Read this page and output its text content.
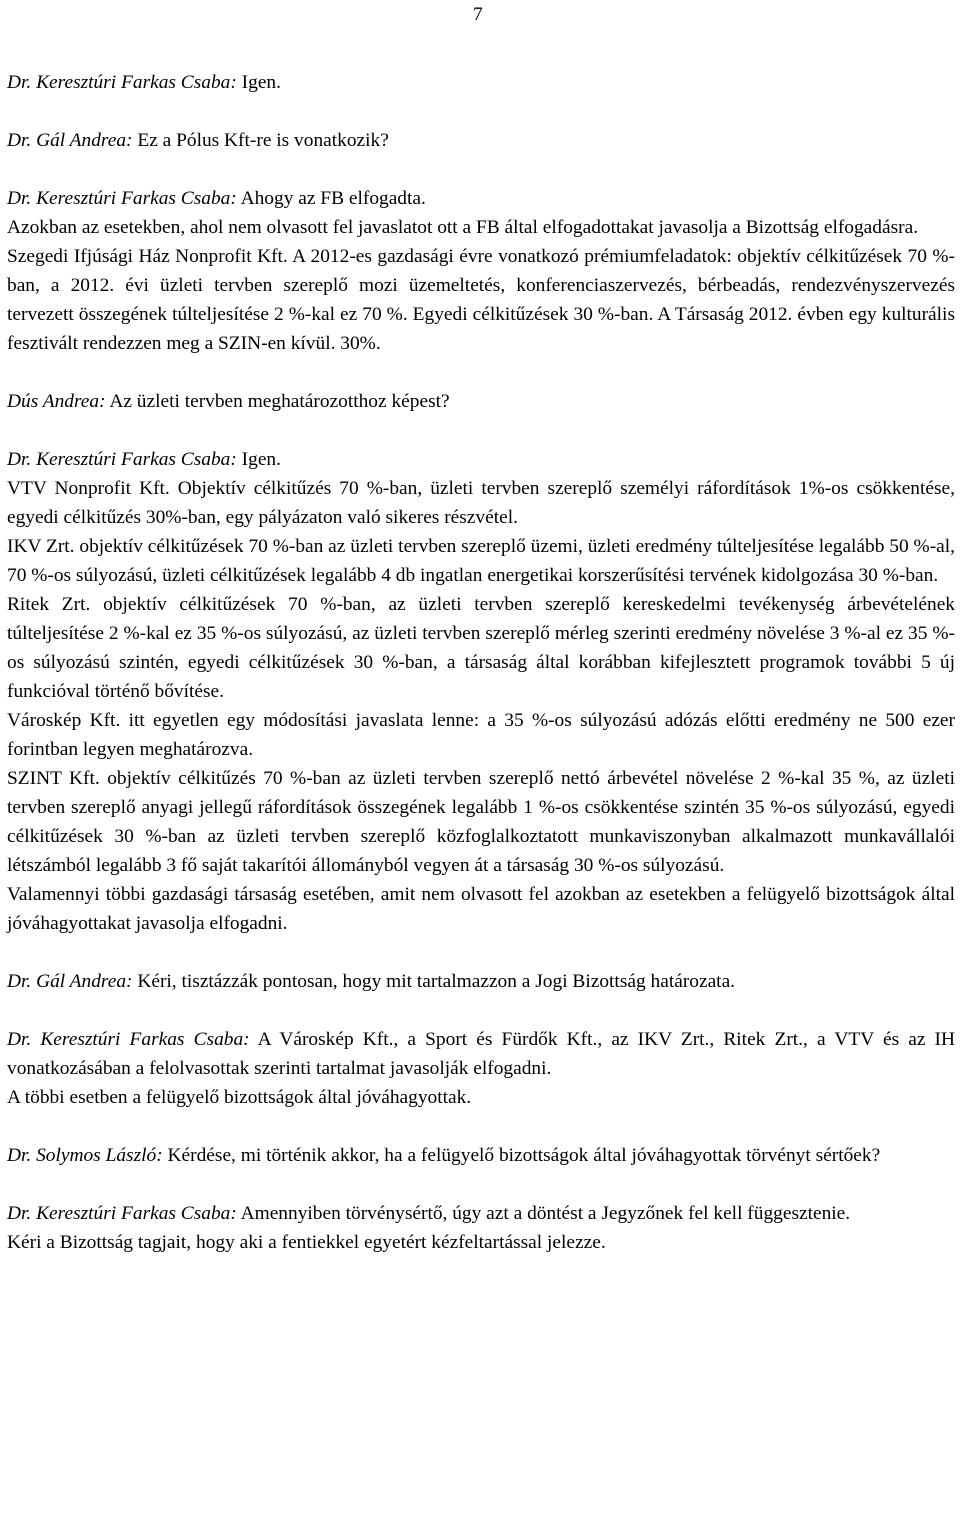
7

Dr. Keresztúri Farkas Csaba: Igen.

Dr. Gál Andrea: Ez a Pólus Kft-re is vonatkozik?

Dr. Keresztúri Farkas Csaba: Ahogy az FB elfogadta.

Azokban az esetekben, ahol nem olvasott fel javaslatot ott a FB által elfogadottakat javasolja a Bizottság elfogadásra.

Szegedi Ifjúsági Ház Nonprofit Kft. A 2012-es gazdasági évre vonatkozó prémiumfeladatok: objektív célkitűzések 70 %-ban, a 2012. évi üzleti tervben szereplő mozi üzemeltetés, konferenciaszervezés, bérbeadás, rendezvényszervezés tervezett összegének túlteljesítése 2 %-kal ez 70 %. Egyedi célkitűzések 30 %-ban. A Társaság 2012. évben egy kulturális fesztivált rendezzen meg a SZIN-en kívül. 30%.

Dús Andrea: Az üzleti tervben meghatározotthoz képest?

Dr. Keresztúri Farkas Csaba: Igen.

VTV Nonprofit Kft. Objektív célkitűzés 70 %-ban, üzleti tervben szereplő személyi ráfordítások 1%-os csökkentése, egyedi célkitűzés 30%-ban, egy pályázaton való sikeres részvétel.

IKV Zrt. objektív célkitűzések 70 %-ban az üzleti tervben szereplő üzemi, üzleti eredmény túlteljesítése legalább 50 %-al, 70 %-os súlyozású, üzleti célkitűzések legalább 4 db ingatlan energetikai korszerűsítési tervének kidolgozása 30 %-ban.

Ritek Zrt. objektív célkitűzések 70 %-ban, az üzleti tervben szereplő kereskedelmi tevékenység árbevételének túlteljesítése 2 %-kal ez 35 %-os súlyozású, az üzleti tervben szereplő mérleg szerinti eredmény növelése 3 %-al ez 35 %-os súlyozású szintén, egyedi célkitűzések 30 %-ban, a társaság által korábban kifejlesztett programok további 5 új funkcióval történő bővítése.

Városkép Kft. itt egyetlen egy módosítási javaslata lenne: a 35 %-os súlyozású adózás előtti eredmény ne 500 ezer forintban legyen meghatározva.

SZINT Kft. objektív célkitűzés 70 %-ban az üzleti tervben szereplő nettó árbevétel növelése 2 %-kal 35 %, az üzleti tervben szereplő anyagi jellegű ráfordítások összegének legalább 1 %-os csökkentése szintén 35 %-os súlyozású, egyedi célkitűzések 30 %-ban az üzleti tervben szereplő közfoglalkoztatott munkaviszonyban alkalmazott munkavállalói létszámból legalább 3 fő saját takarítói állományból vegyen át a társaság 30 %-os súlyozású.

Valamennyi többi gazdasági társaság esetében, amit nem olvasott fel azokban az esetekben a felügyelő bizottságok által jóváhagyottakat javasolja elfogadni.

Dr. Gál Andrea: Kéri, tisztázzák pontosan, hogy mit tartalmazzon a Jogi Bizottság határozata.

Dr. Keresztúri Farkas Csaba: A Városkép Kft., a Sport és Fürdők Kft., az IKV Zrt., Ritek Zrt., a VTV és az IH vonatkozásában a felolvasottak szerinti tartalmat javasolják elfogadni.

A többi esetben a felügyelő bizottságok által jóváhagyottak.

Dr. Solymos László: Kérdése, mi történik akkor, ha a felügyelő bizottságok által jóváhagyottak törvényt sértőek?

Dr. Keresztúri Farkas Csaba: Amennyiben törvénysértő, úgy azt a döntést a Jegyzőnek fel kell függesztenie.

Kéri a Bizottság tagjait, hogy aki a fentiekkel egyetért kézfeltartással jelezze.
